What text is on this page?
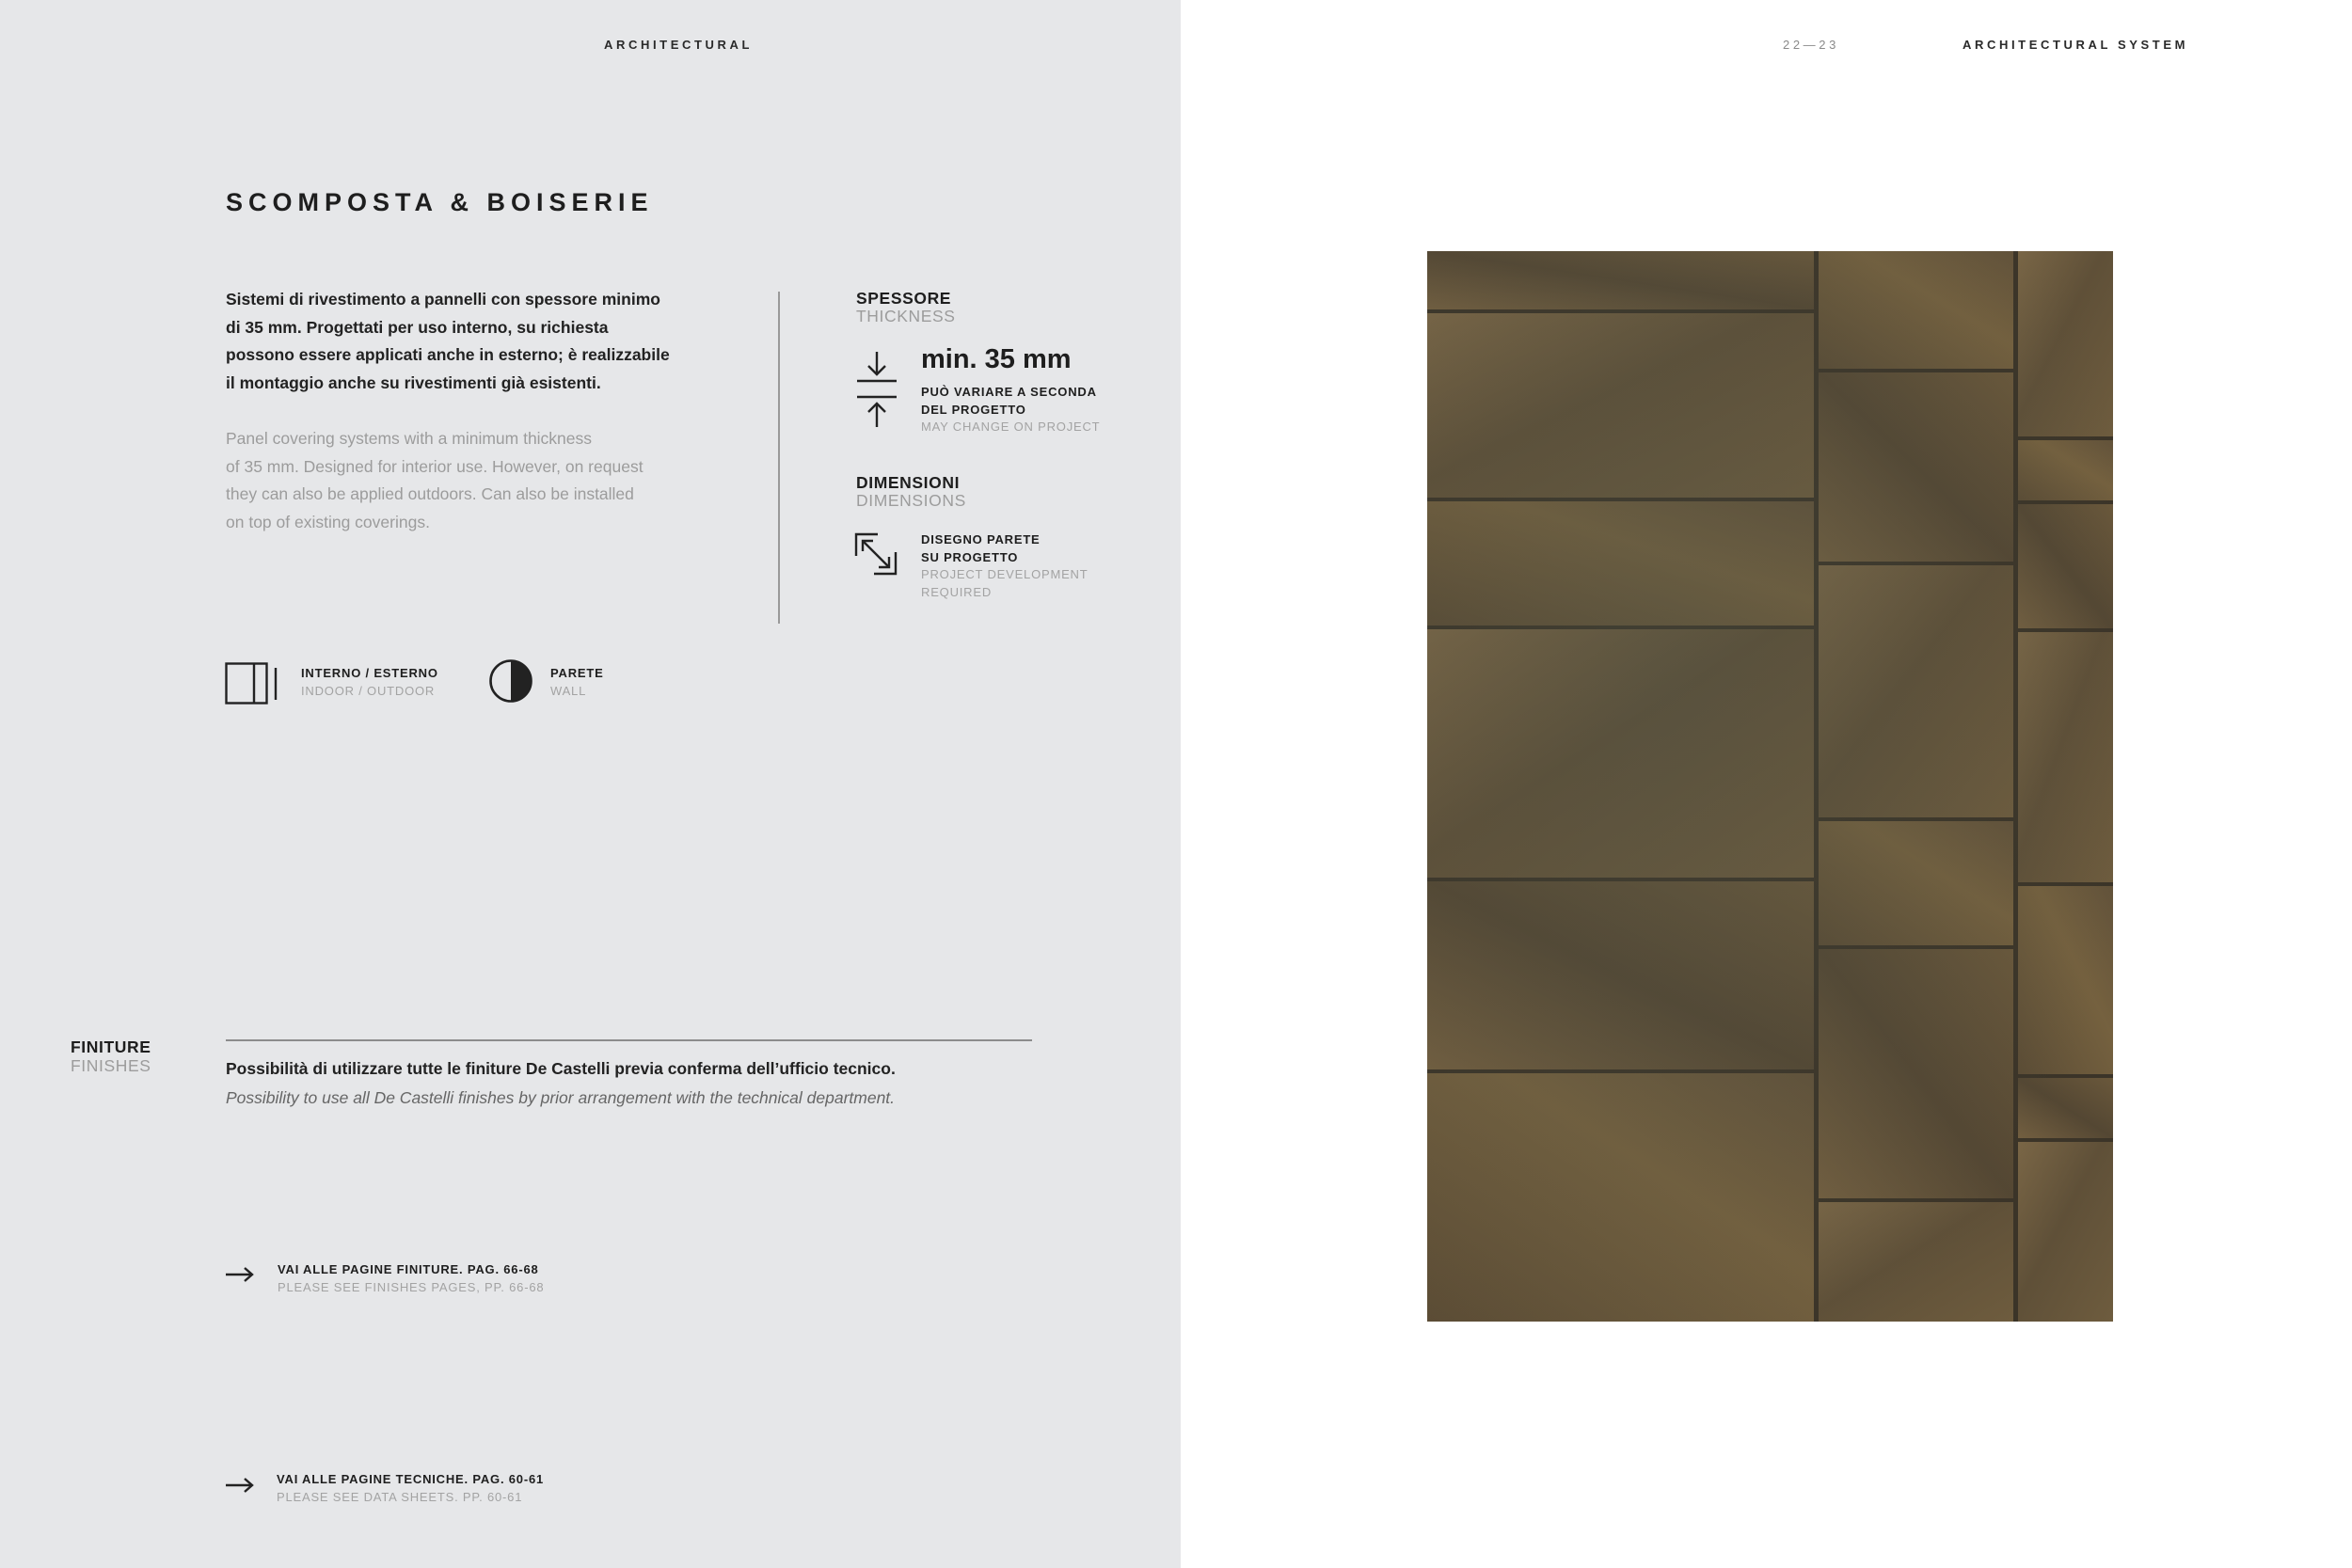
ARCHITECTURAL
SCOMPOSTA & BOISERIE
Sistemi di rivestimento a pannelli con spessore minimo
di 35 mm. Progettati per uso interno, su richiesta
possono essere applicati anche in esterno; è realizzabile
il montaggio anche su rivestimenti già esistenti.
Panel covering systems with a minimum thickness
of 35 mm. Designed for interior use. However, on request
they can also be applied outdoors. Can also be installed
on top of existing coverings.
SPESSORE
THICKNESS
min. 35 mm
PUÒ VARIARE A SECONDA
DEL PROGETTO
MAY CHANGE ON PROJECT
DIMENSIONI
DIMENSIONS
DISEGNO PARETE
SU PROGETTO
PROJECT DEVELOPMENT
REQUIRED
INTERNO / ESTERNO
INDOOR / OUTDOOR
PARETE
WALL
FINITURE
FINISHES	Possibilità di utilizzare tutte le finiture De Castelli previa conferma dell’ufficio tecnico.
Possibility to use all De Castelli finishes by prior arrangement with the technical department.
VAI ALLE PAGINE FINITURE. PAG. 66-68
PLEASE SEE FINISHES PAGES, PP. 66-68
VAI ALLE PAGINE TECNICHE. PAG. 60-61
PLEASE SEE DATA SHEETS. PP. 60-61
22—23	ARCHITECTURAL SYSTEM
